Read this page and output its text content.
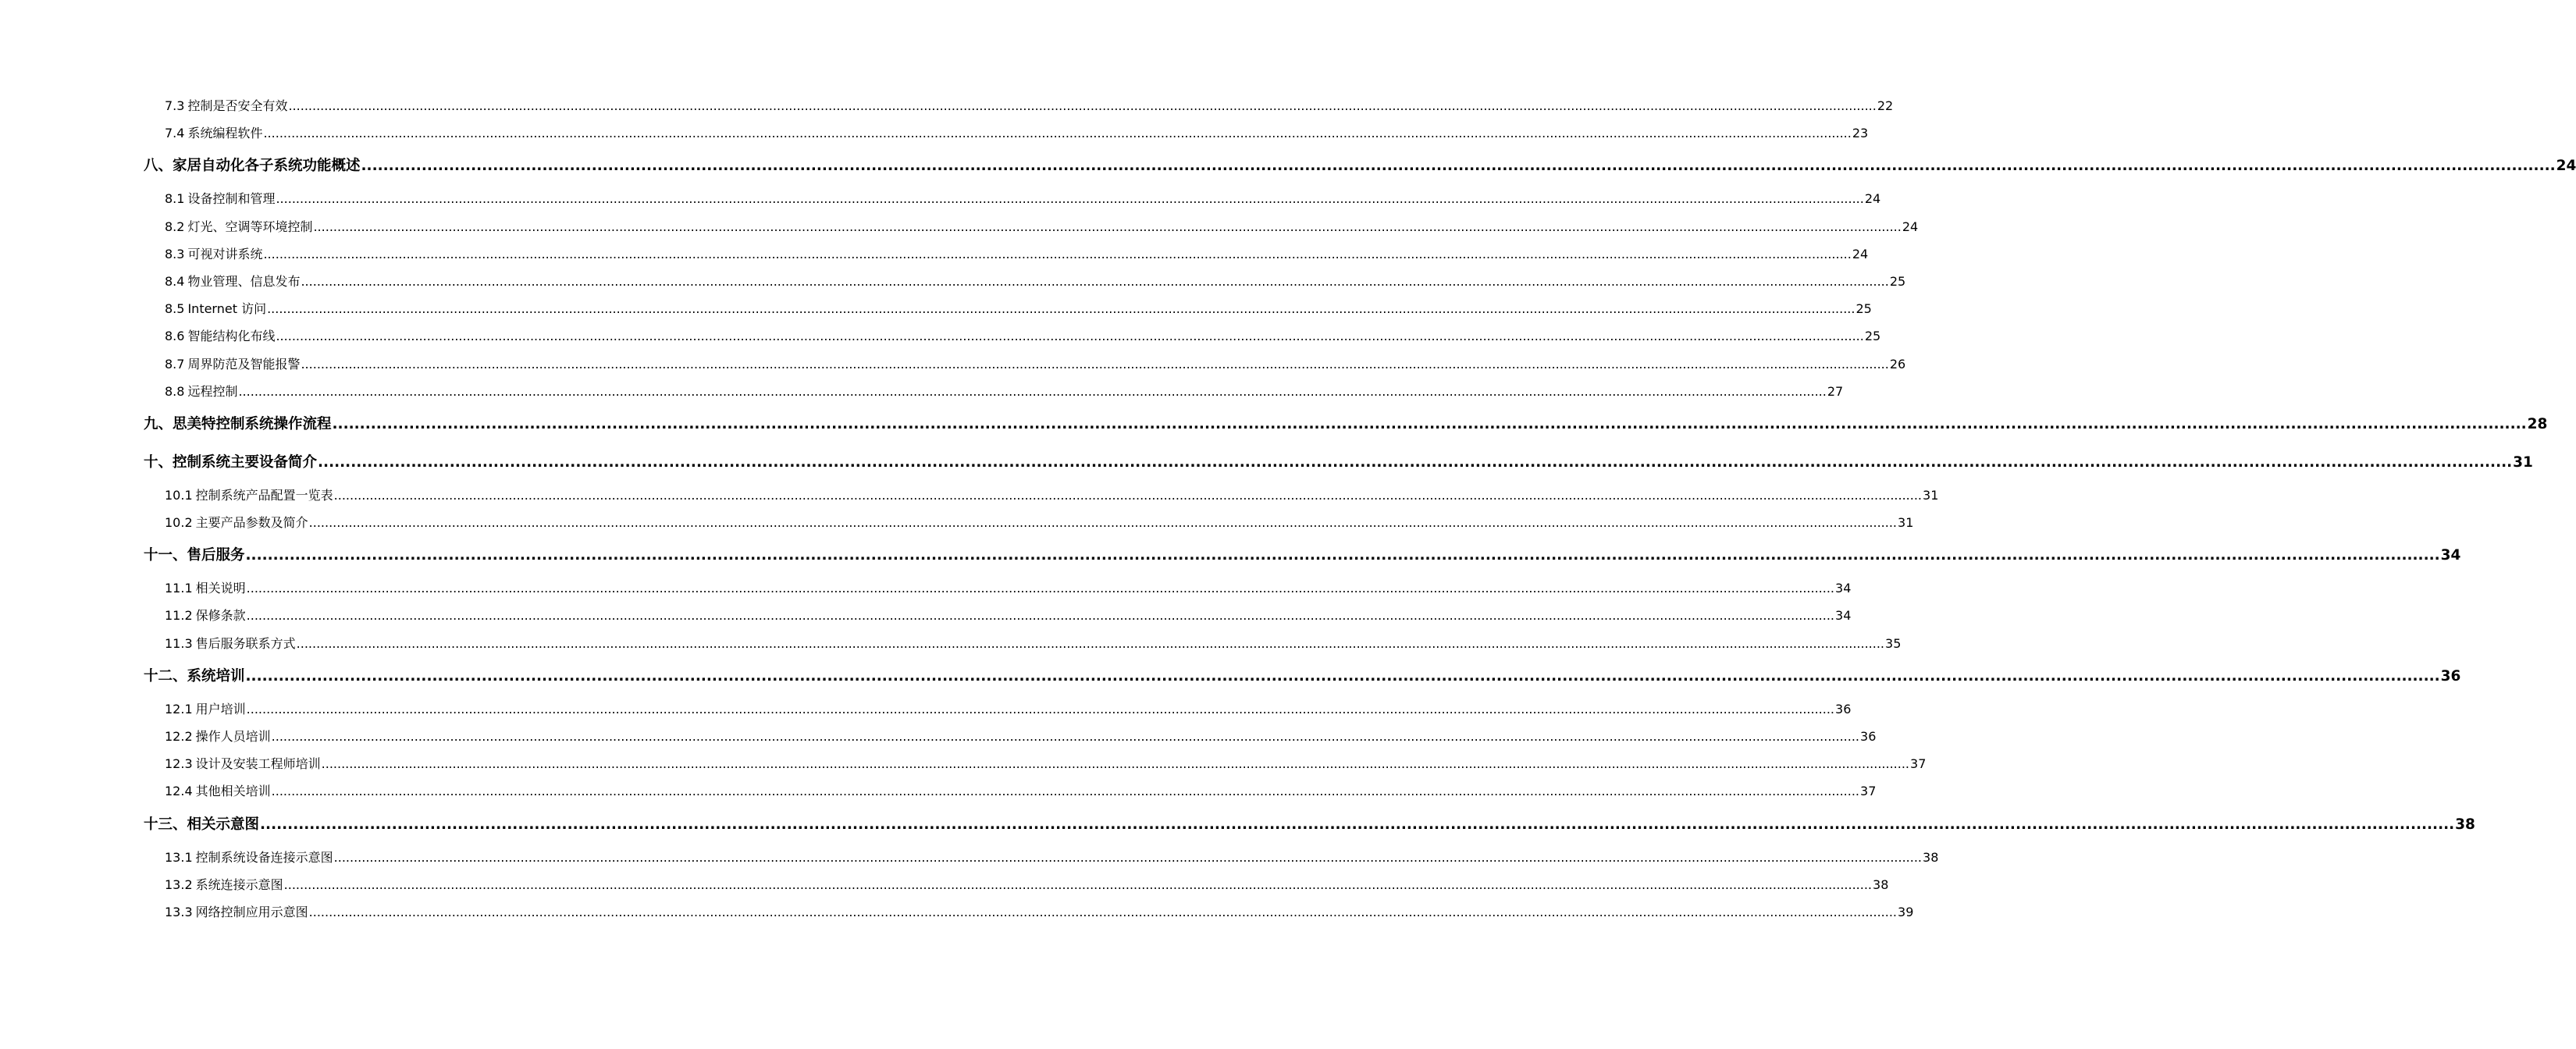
7.3 控制是否安全有效 ................................................................................................................................................................................................................................................................................................................................................................................................................ 22
7.4 系统编程软件 ................................................................................................................................................................................................................................................................................................................................................................................................................ 23
八、家居自动化各子系统功能概述 ................................................................................................................................................................................................................................................................................................................................................................................................................ 24
8.1 设备控制和管理 ................................................................................................................................................................................................................................................................................................................................................................................................................ 24
8.2 灯光、空调等环境控制 ................................................................................................................................................................................................................................................................................................................................................................................................................ 24
8.3 可视对讲系统 ................................................................................................................................................................................................................................................................................................................................................................................................................ 24
8.4 物业管理、信息发布 ................................................................................................................................................................................................................................................................................................................................................................................................................ 25
8.5 Internet 访问 ................................................................................................................................................................................................................................................................................................................................................................................................................ 25
8.6 智能结构化布线 ................................................................................................................................................................................................................................................................................................................................................................................................................ 25
8.7 周界防范及智能报警 ................................................................................................................................................................................................................................................................................................................................................................................................................ 26
8.8 远程控制 ................................................................................................................................................................................................................................................................................................................................................................................................................ 27
九、思美特控制系统操作流程 ................................................................................................................................................................................................................................................................................................................................................................................................................ 28
十、控制系统主要设备简介 ................................................................................................................................................................................................................................................................................................................................................................................................................ 31
10.1 控制系统产品配置一览表 ................................................................................................................................................................................................................................................................................................................................................................................................................ 31
10.2 主要产品参数及简介 ................................................................................................................................................................................................................................................................................................................................................................................................................ 31
十一、售后服务 ................................................................................................................................................................................................................................................................................................................................................................................................................ 34
11.1 相关说明 ................................................................................................................................................................................................................................................................................................................................................................................................................ 34
11.2 保修条款 ................................................................................................................................................................................................................................................................................................................................................................................................................ 34
11.3 售后服务联系方式 ................................................................................................................................................................................................................................................................................................................................................................................................................ 35
十二、系统培训 ................................................................................................................................................................................................................................................................................................................................................................................................................ 36
12.1 用户培训 ................................................................................................................................................................................................................................................................................................................................................................................................................ 36
12.2 操作人员培训 ................................................................................................................................................................................................................................................................................................................................................................................................................ 36
12.3 设计及安装工程师培训 ................................................................................................................................................................................................................................................................................................................................................................................................................ 37
12.4 其他相关培训 ................................................................................................................................................................................................................................................................................................................................................................................................................ 37
十三、相关示意图 ................................................................................................................................................................................................................................................................................................................................................................................................................ 38
13.1 控制系统设备连接示意图 ................................................................................................................................................................................................................................................................................................................................................................................................................ 38
13.2 系统连接示意图 ................................................................................................................................................................................................................................................................................................................................................................................................................ 38
13.3 网络控制应用示意图 ................................................................................................................................................................................................................................................................................................................................................................................................................ 39
